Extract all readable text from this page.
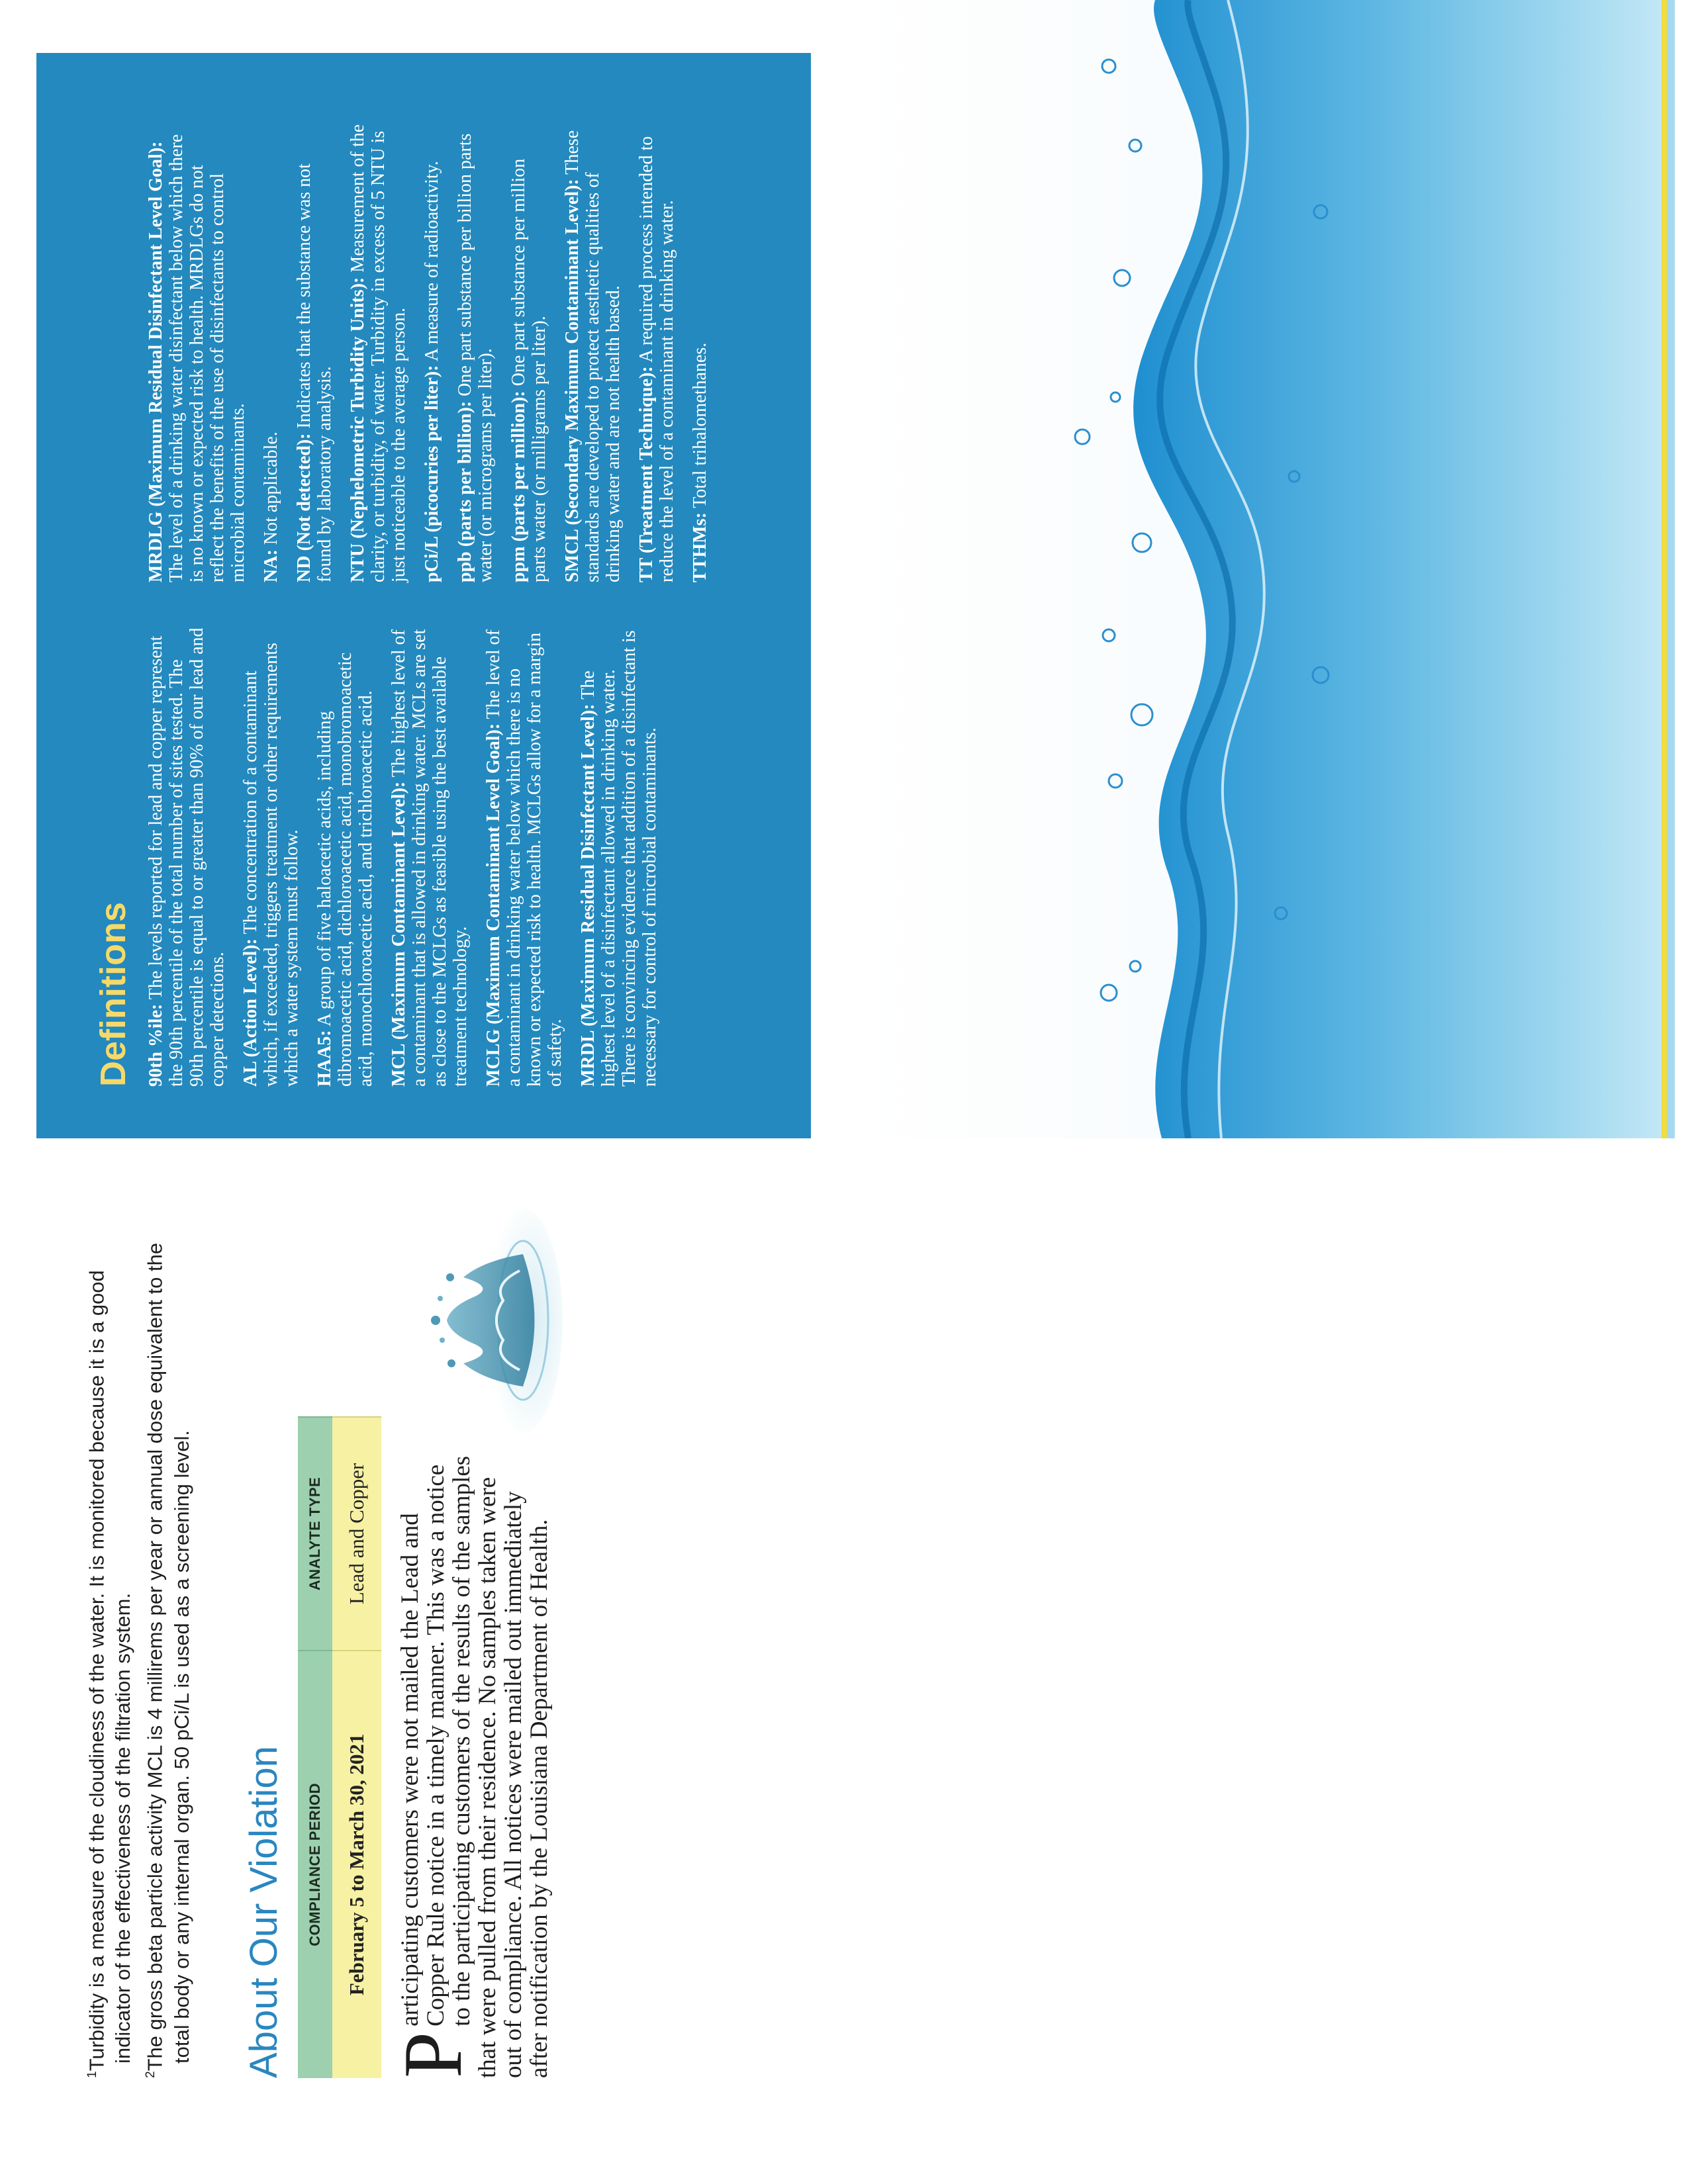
$^1$Turbidity is a measure of the cloudiness of the water. It is monitored because it is a good indicator of the effectiveness of the filtration system.

$^2$The gross beta particle activity MCL is 4 millirems per year or annual dose equivalent to the total body or any internal organ. 50 pCi/L is used as a screening level. About Our Violation COMPLIANCE PERIOD	ANALYTE TYPE
February 5 to March 30, 2021	Lead and Copper

P
articipating customers were not mailed the Lead and Copper Rule notice in a timely manner. This was a notice to the participating customers of the results of the samples that were pulled from their residence. No samples taken were out of compliance. All notices were mailed out immediately after notification by the Louisiana Department of Health.

Definitions 90th %ile: The levels reported for lead and copper represent the 90th percentile of the total number of sites tested. The 90th percentile is equal to or greater than 90% of our lead and copper detections. AL (Action Level): The concentration of a contaminant which, if exceeded, triggers treatment or other requirements which a water system must follow. HAA5: A group of five haloacetic acids, including dibromoacetic acid, dichloroacetic acid, monobromoacetic acid, monochloroacetic acid, and trichloroacetic acid. MCL (Maximum Contaminant Level): The highest level of a contaminant that is allowed in drinking water. MCLs are set as close to the MCLGs as feasible using the best available treatment technology. MCLG (Maximum Contaminant Level Goal): The level of a contaminant in drinking water below which there is no known or expected risk to health. MCLGs allow for a margin of safety. MRDL (Maximum Residual Disinfectant Level): The highest level of a disinfectant allowed in drinking water. There is convincing evidence that addition of a disinfectant is necessary for control of microbial contaminants.

MRDLG (Maximum Residual Disinfectant Level Goal): The level of a drinking water disinfectant below which there is no known or expected risk to health. MRDLGs do not reflect the benefits of the use of disinfectants to control microbial contaminants. NA: Not applicable. ND (Not detected): Indicates that the substance was not found by laboratory analysis. NTU (Nephelometric Turbidity Units): Measurement of the clarity, or turbidity, of water. Turbidity in excess of 5 NTU is just noticeable to the average person. pCi/L (picocuries per liter): A measure of radioactivity.

ppb (parts per billion): One part substance per billion parts water (or micrograms per liter). ppm (parts per million): One part substance per million parts water (or milligrams per liter). SMCL (Secondary Maximum Contaminant Level): These standards are developed to protect aesthetic qualities of drinking water and are not health based. TT (Treatment Technique): A required process intended to reduce the level of a contaminant in drinking water. TTHMs: Total trihalomethanes.
